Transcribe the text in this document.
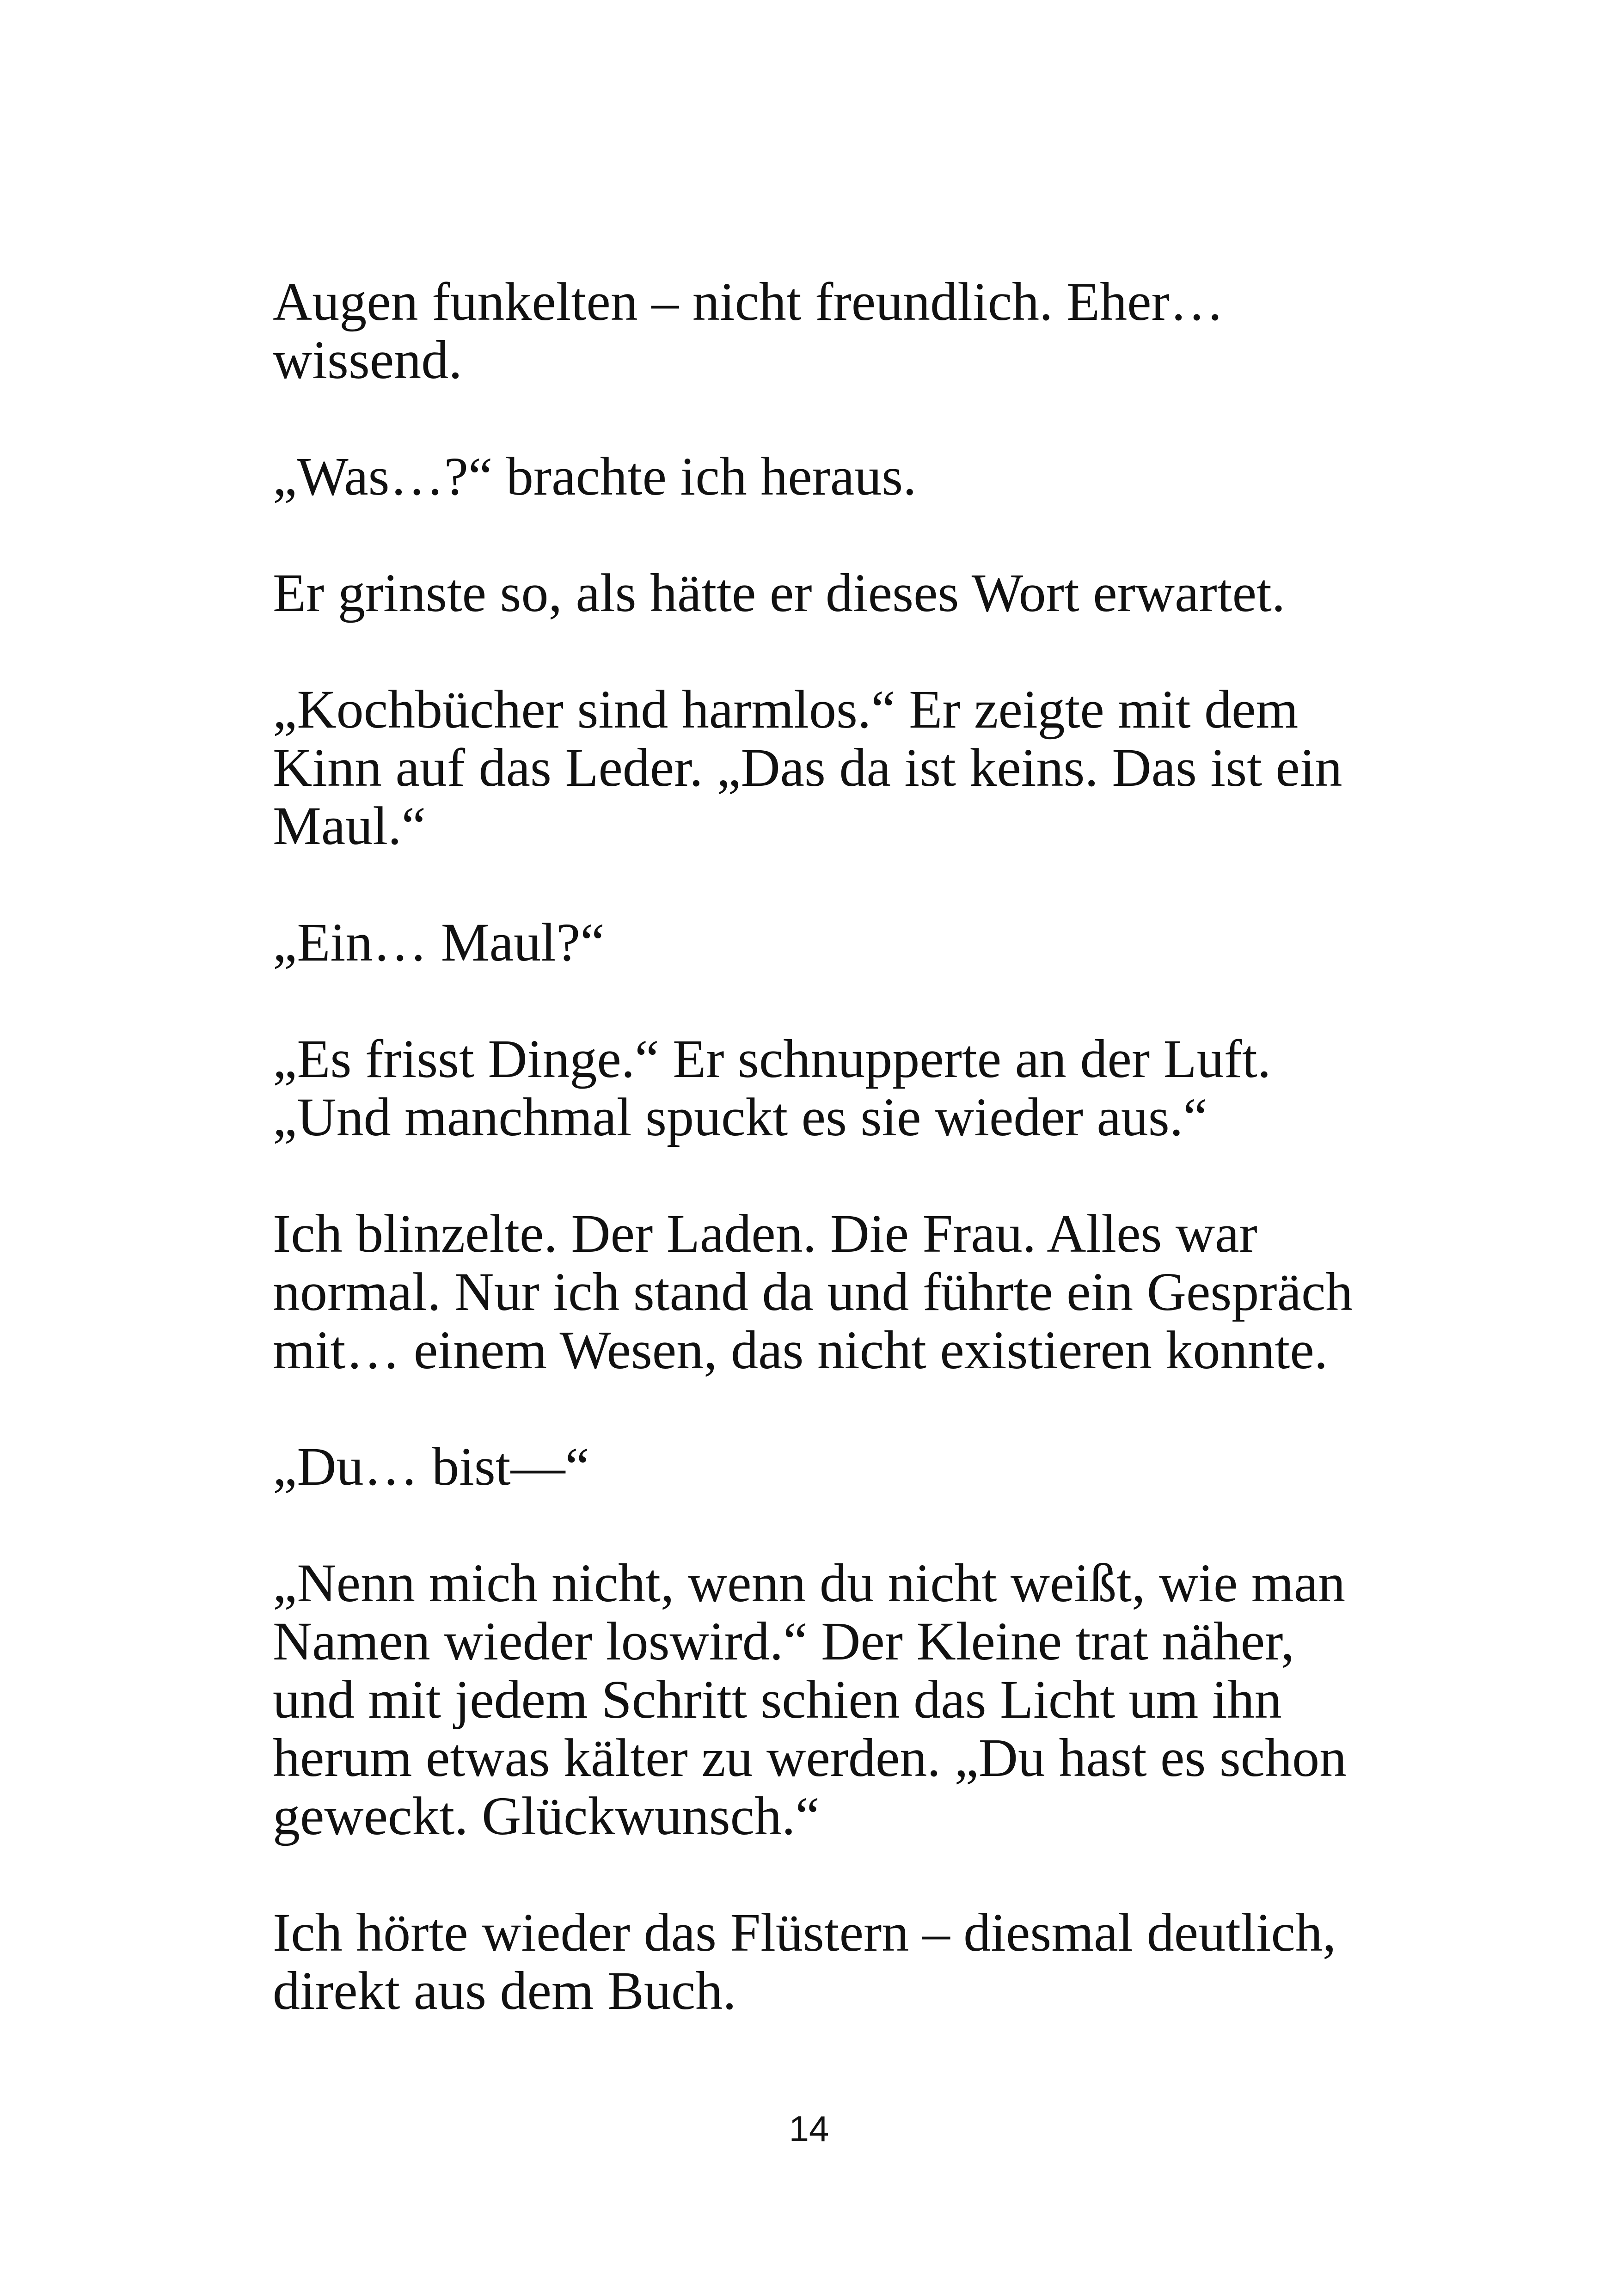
Augen funkelten – nicht freundlich. Eher…
wissend.

„Was…?“ brachte ich heraus.

Er grinste so, als hätte er dieses Wort erwartet.

„Kochbücher sind harmlos.“ Er zeigte mit dem
Kinn auf das Leder. „Das da ist keins. Das ist ein
Maul.“

„Ein… Maul?“

„Es frisst Dinge.“ Er schnupperte an der Luft.
„Und manchmal spuckt es sie wieder aus.“

Ich blinzelte. Der Laden. Die Frau. Alles war
normal. Nur ich stand da und führte ein Gespräch
mit… einem Wesen, das nicht existieren konnte.

„Du… bist—“

„Nenn mich nicht, wenn du nicht weißt, wie man
Namen wieder loswird.“ Der Kleine trat näher,
und mit jedem Schritt schien das Licht um ihn
herum etwas kälter zu werden. „Du hast es schon
geweckt. Glückwunsch.“

Ich hörte wieder das Flüstern – diesmal deutlich,
direkt aus dem Buch.

14
